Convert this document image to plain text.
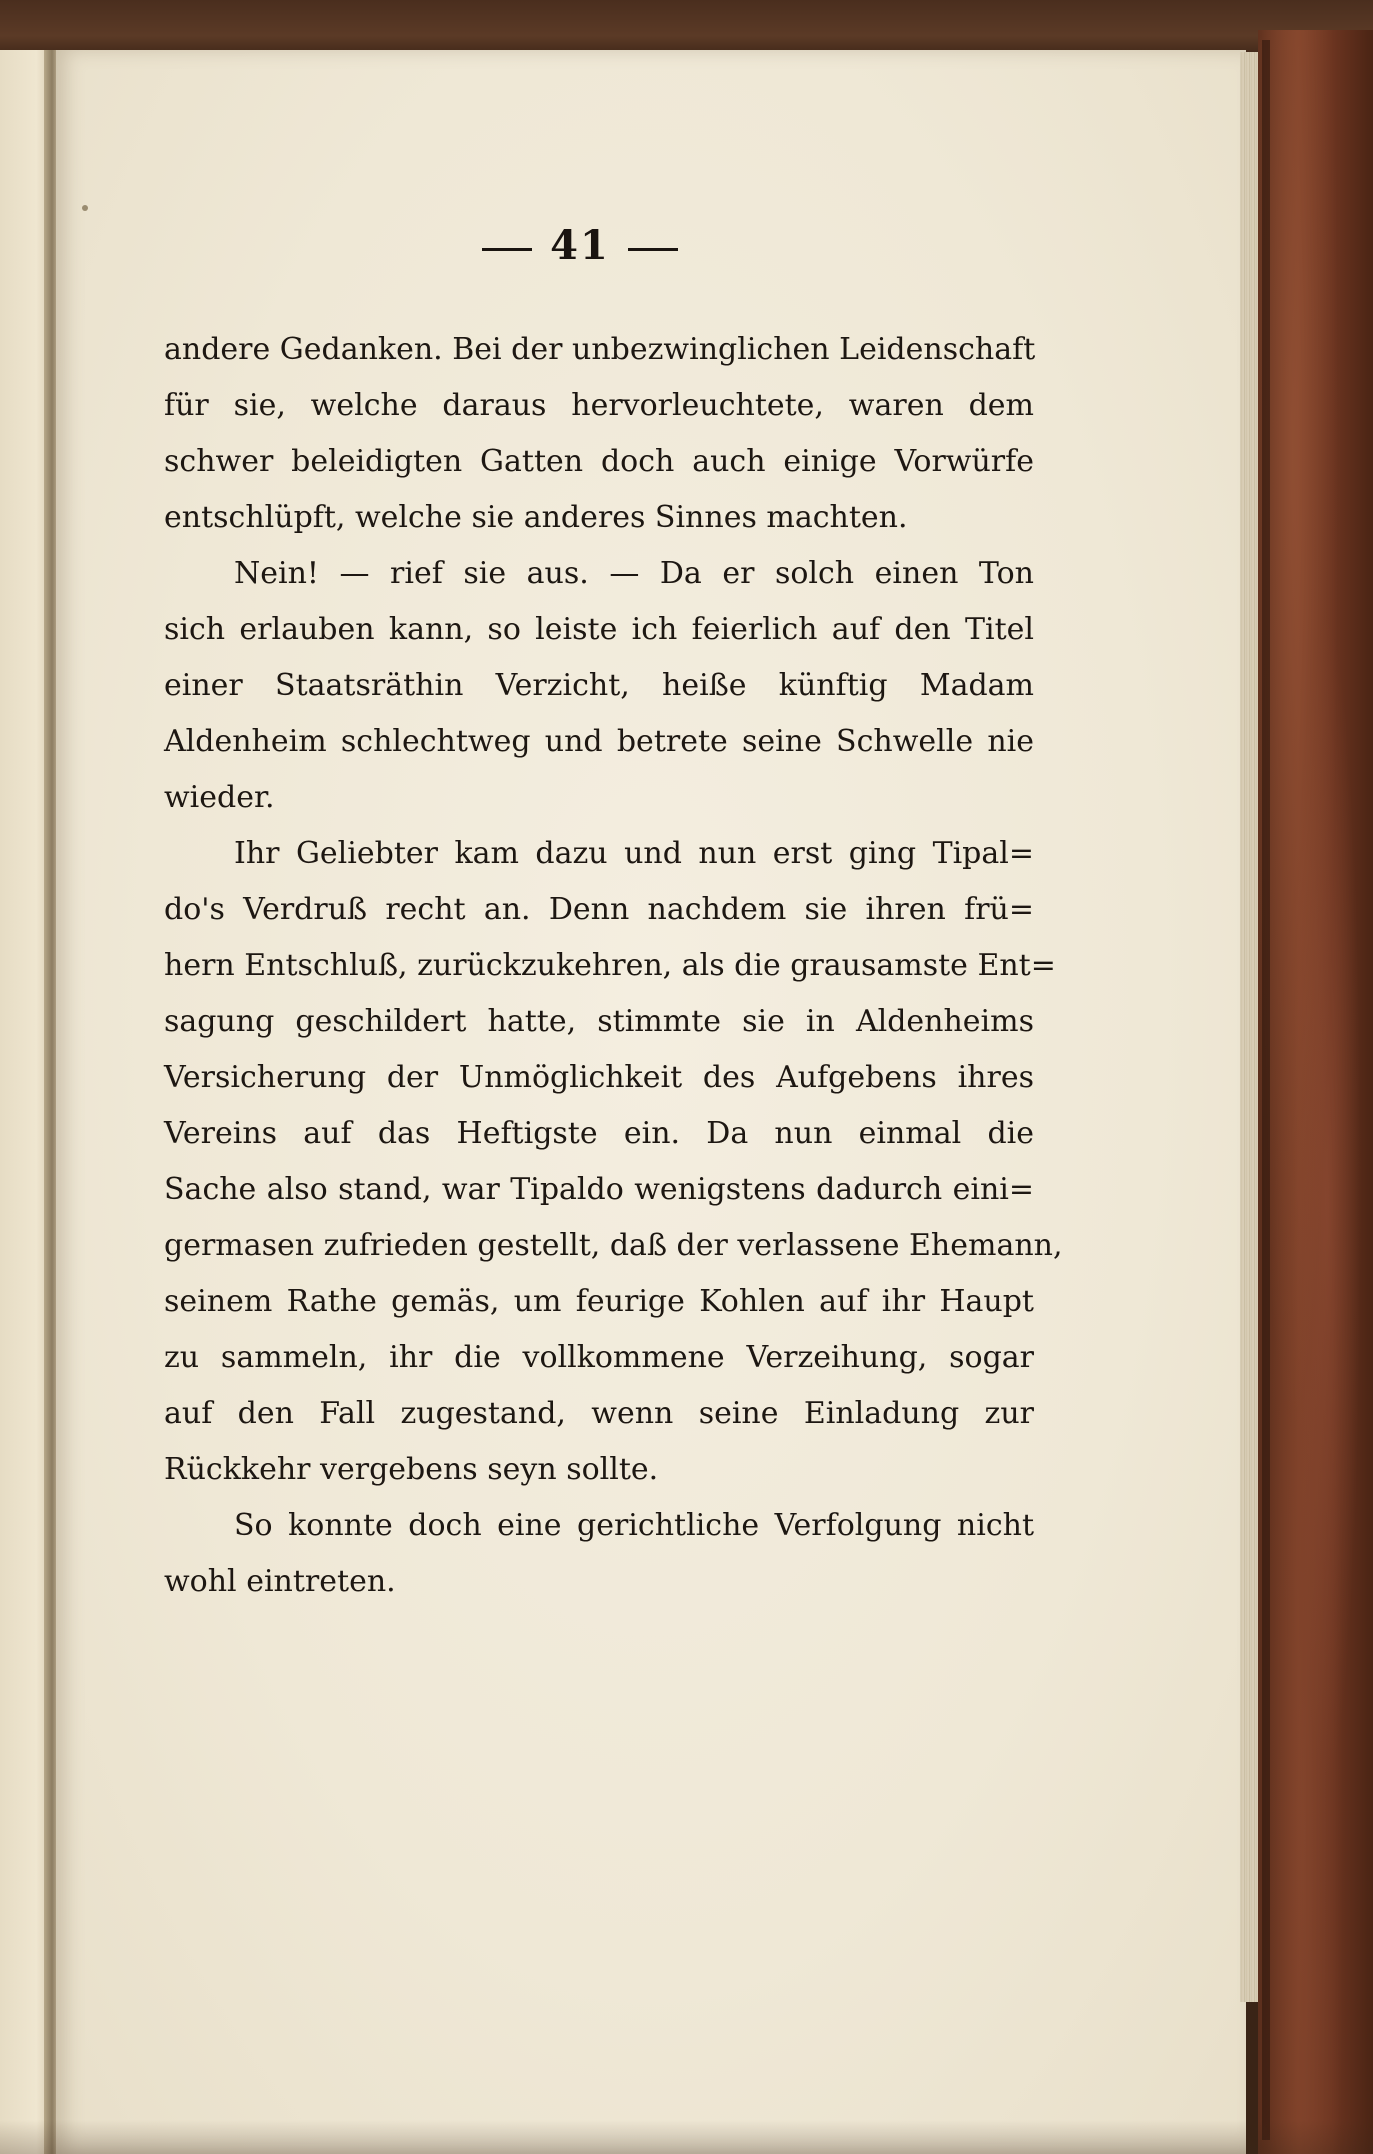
41
andere Gedanken. Bei der unbezwinglichen Leidenschaft
für sie, welche daraus hervorleuchtete, waren dem
schwer beleidigten Gatten doch auch einige Vorwürfe
entschlüpft, welche sie anderes Sinnes machten.
Nein! — rief sie aus. — Da er solch einen Ton
sich erlauben kann, so leiste ich feierlich auf den Titel
einer Staatsräthin Verzicht, heiße künftig Madam
Aldenheim schlechtweg und betrete seine Schwelle nie
wieder.
Ihr Geliebter kam dazu und nun erst ging Tipal=
do's Verdruß recht an. Denn nachdem sie ihren frü=
hern Entschluß, zurückzukehren, als die grausamste Ent=
sagung geschildert hatte, stimmte sie in Aldenheims
Versicherung der Unmöglichkeit des Aufgebens ihres
Vereins auf das Heftigste ein. Da nun einmal die
Sache also stand, war Tipaldo wenigstens dadurch eini=
germasen zufrieden gestellt, daß der verlassene Ehemann,
seinem Rathe gemäs, um feurige Kohlen auf ihr Haupt
zu sammeln, ihr die vollkommene Verzeihung, sogar
auf den Fall zugestand, wenn seine Einladung zur
Rückkehr vergebens seyn sollte.
So konnte doch eine gerichtliche Verfolgung nicht
wohl eintreten.
